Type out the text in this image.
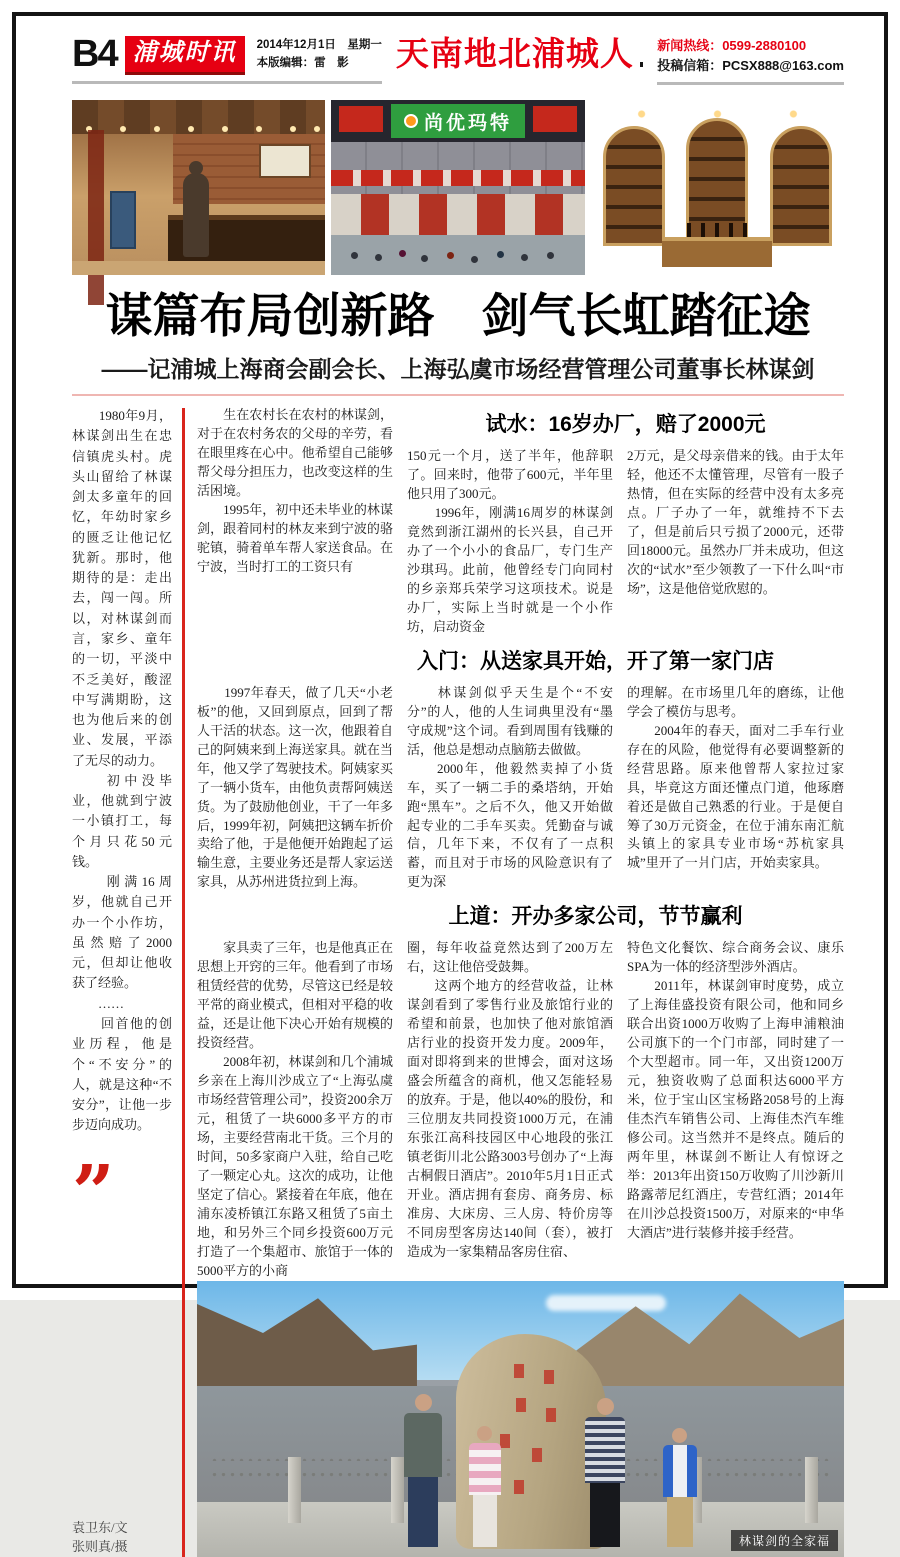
B4 浦城时讯	2014年12月1日　星期一
本版编辑：雷　影	天南地北浦城人 新闻热线：0599-2880100
投稿信箱：PCSX888@163.com
尚优玛特
谋篇布局创新路　剑气长虹踏征途
——记浦城上海商会副会长、上海弘虞市场经营管理公司董事长林谋剑

　　1980年9月，林谋剑出生在忠信镇虎头村。虎头山留给了林谋剑太多童年的回忆，年幼时家乡的匮乏让他记忆犹新。那时，他期待的是：走出去，闯一闯。所以，对林谋剑而言，家乡、童年的一切，平淡中不乏美好，酸涩中写满期盼，这也为他后来的创业、发展，平添了无尽的动力。

　　初中没毕业，他就到宁波一小镇打工，每个月只花50元钱。

　　刚满16周岁，他就自己开办一个小作坊，虽然赔了2000元，但却让他收获了经验。

　　……

　　回首他的创业历程，他是个“不安分”的人，就是这种“不安分”，让他一步步迈向成功。

”
袁卫东/文
张则真/摄
试水：16岁办厂，赔了2000元

　　生在农村长在农村的林谋剑，对于在农村务农的父母的辛劳，看在眼里疼在心中。他希望自己能够帮父母分担压力，也改变这样的生活困境。

　　1995年，初中还未毕业的林谋剑，跟着同村的林友来到宁波的骆驼镇，骑着单车帮人家送食品。在宁波，当时打工的工资只有

150元一个月，送了半年，他辞职了。回来时，他带了600元，半年里他只用了300元。

　　1996年，刚满16周岁的林谋剑竟然到浙江湖州的长兴县，自己开办了一个小小的食品厂，专门生产沙琪玛。此前，他曾经专门向同村的乡亲郑兵荣学习这项技术。说是办厂，实际上当时就是一个小作坊，启动资金

2万元，是父母亲借来的钱。由于太年轻，他还不太懂管理，尽管有一股子热情，但在实际的经营中没有太多亮点。厂子办了一年，就维持不下去了，但是前后只亏损了2000元，还带回18000元。虽然办厂并未成功，但这次的“试水”至少领教了一下什么叫“市场”，这是他倍觉欣慰的。

入门：从送家具开始，开了第一家门店

　　1997年春天，做了几天“小老板”的他，又回到原点，回到了帮人干活的状态。这一次，他跟着自己的阿姨来到上海送家具。就在当年，他又学了驾驶技术。阿姨家买了一辆小货车，由他负责帮阿姨送货。为了鼓励他创业，干了一年多后，1999年初，阿姨把这辆车折价卖给了他，于是他便开始跑起了运输生意，主要业务还是帮人家运送家具，从苏州进货拉到上海。

　　林谋剑似乎天生是个“不安分”的人，他的人生词典里没有“墨守成规”这个词。看到周围有钱赚的活，他总是想动点脑筋去做做。

　　2000年，他毅然卖掉了小货车，买了一辆二手的桑塔纳，开始跑“黑车”。之后不久，他又开始做起专业的二手车买卖。凭勤奋与诚信，几年下来，不仅有了一点积蓄，而且对于市场的风险意识有了更为深

的理解。在市场里几年的磨练，让他学会了模仿与思考。

　　2004年的春天，面对二手车行业存在的风险，他觉得有必要调整新的经营思路。原来他曾帮人家拉过家具，毕竟这方面还懂点门道，他琢磨着还是做自己熟悉的行业。于是便自筹了30万元资金，在位于浦东南汇航头镇上的家具专业市场“苏杭家具城”里开了一爿门店，开始卖家具。

上道：开办多家公司，节节赢利

　　家具卖了三年，也是他真正在思想上开窍的三年。他看到了市场租赁经营的优势，尽管这已经是较平常的商业模式，但相对平稳的收益，还是让他下决心开始有规模的投资经营。

　　2008年初，林谋剑和几个浦城乡亲在上海川沙成立了“上海弘虞市场经营管理公司”，投资200余万元，租赁了一块6000多平方的市场，主要经营南北干货。三个月的时间，50多家商户入驻，给自己吃了一颗定心丸。这次的成功，让他坚定了信心。紧接着在年底，他在浦东凌桥镇江东路又租赁了5亩土地，和另外三个同乡投资600万元打造了一个集超市、旅馆于一体的5000平方的小商

圈，每年收益竟然达到了200万左右，这让他倍受鼓舞。

　　这两个地方的经营收益，让林谋剑看到了零售行业及旅馆行业的希望和前景，也加快了他对旅馆酒店行业的投资开发力度。2009年，面对即将到来的世博会，面对这场盛会所蕴含的商机，他又怎能轻易的放弃。于是，他以40%的股份，和三位朋友共同投资1000万元，在浦东张江高科技园区中心地段的张江镇老街川北公路3003号创办了“上海古桐假日酒店”。2010年5月1日正式开业。酒店拥有套房、商务房、标准房、大床房、三人房、特价房等不同房型客房达140间（套），被打造成为一家集精品客房住宿、

特色文化餐饮、综合商务会议、康乐SPA为一体的经济型涉外酒店。

　　2011年，林谋剑审时度势，成立了上海佳盛投资有限公司，他和同乡联合出资1000万收购了上海申浦粮油公司旗下的一个门市部，同时建了一个大型超市。同一年，又出资1200万元，独资收购了总面积达6000平方米，位于宝山区宝杨路2058号的上海佳杰汽车销售公司、上海佳杰汽车维修公司。这当然并不是终点。随后的两年里，林谋剑不断让人有惊讶之举：2013年出资150万收购了川沙新川路露蒂尼红酒庄，专营红酒；2014年在川沙总投资1500万，对原来的“申华大酒店”进行装修并接手经营。

林谋剑的全家福
